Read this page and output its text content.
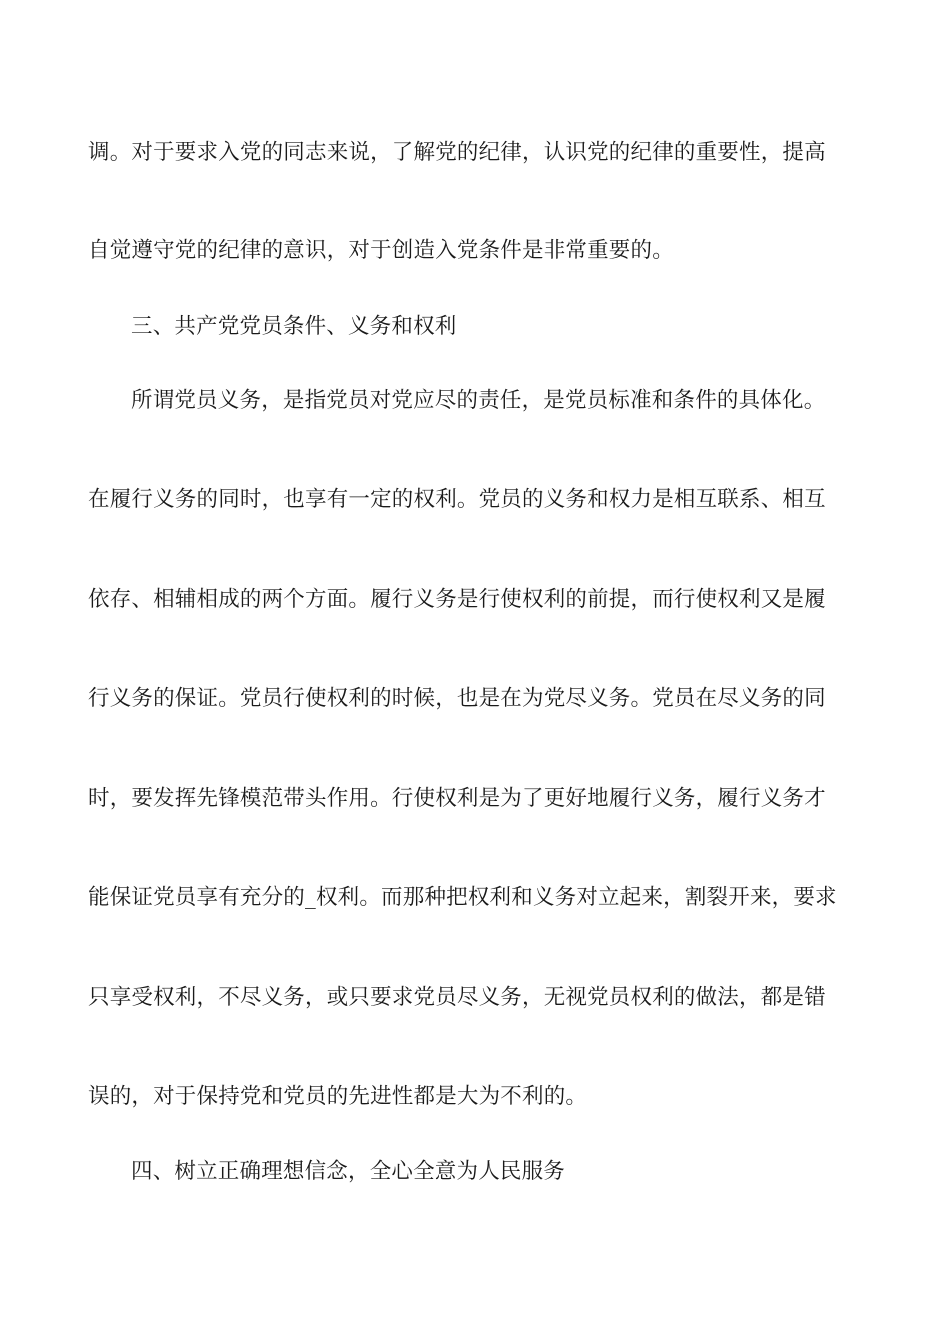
调。对于要求入党的同志来说，了解党的纪律，认识党的纪律的重要性，提高
自觉遵守党的纪律的意识，对于创造入党条件是非常重要的。
三、共产党党员条件、义务和权利
所谓党员义务，是指党员对党应尽的责任，是党员标准和条件的具体化。
在履行义务的同时，也享有一定的权利。党员的义务和权力是相互联系、相互
依存、相辅相成的两个方面。履行义务是行使权利的前提，而行使权利又是履
行义务的保证。党员行使权利的时候，也是在为党尽义务。党员在尽义务的同
时，要发挥先锋模范带头作用。行使权利是为了更好地履行义务，履行义务才
能保证党员享有充分的_权利。而那种把权利和义务对立起来，割裂开来，要求
只享受权利，不尽义务，或只要求党员尽义务，无视党员权利的做法，都是错
误的，对于保持党和党员的先进性都是大为不利的。
四、树立正确理想信念，全心全意为人民服务
